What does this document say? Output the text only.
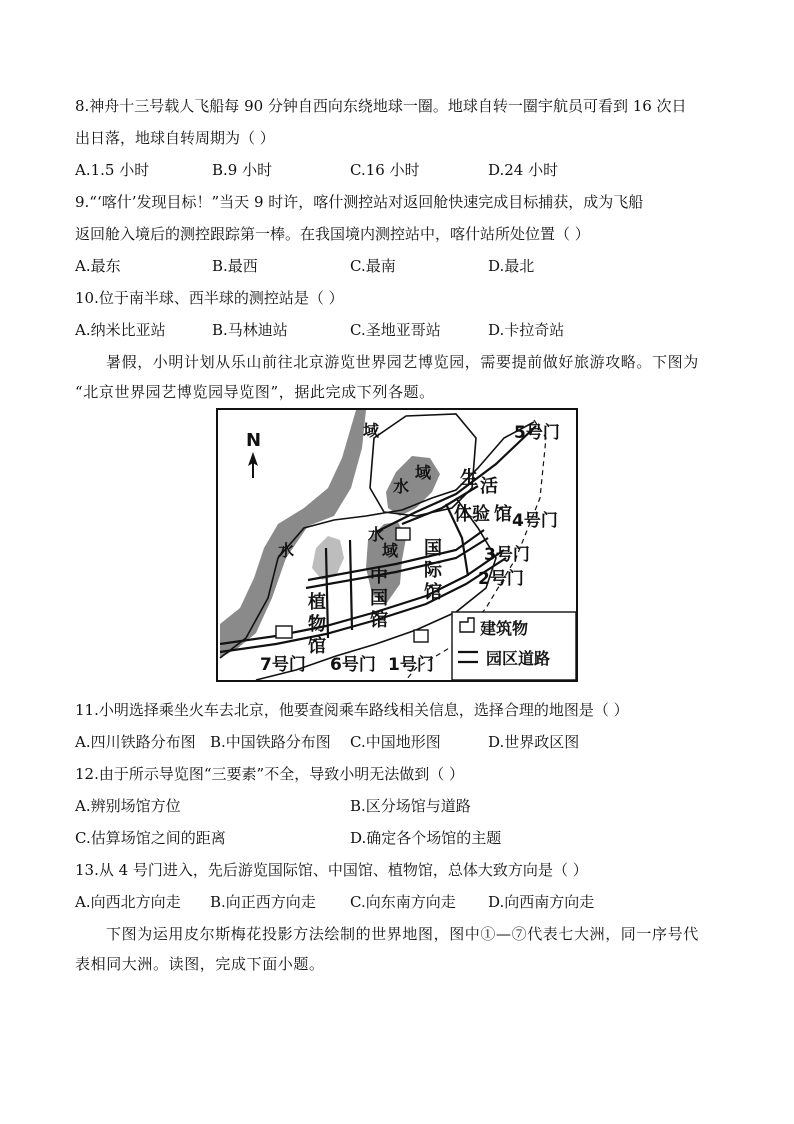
8.神舟十三号载人飞船每 90 分钟自西向东绕地球一圈。地球自转一圈宇航员可看到 16 次日
出日落，地球自转周期为（ ）
A.1.5 小时	B.9 小时	C.16 小时	D.24 小时
9.“‘喀什’发现目标！”当天 9 时许，喀什测控站对返回舱快速完成目标捕获，成为飞船
返回舱入境后的测控跟踪第一棒。在我国境内测控站中，喀什站所处位置（ ）
A.最东	B.最西	C.最南	D.最北
10.位于南半球、西半球的测控站是（ ）
A.纳米比亚站	B.马林迪站	C.圣地亚哥站	D.卡拉奇站
暑假，小明计划从乐山前往北京游览世界园艺博览园，需要提前做好旅游攻略。下图为
“北京世界园艺博览园导览图”，据此完成下列各题。
N	域
水
域
水
水
域
生 活
体验 馆
国
际
馆
中
国
馆
植
物
馆
5号门
4号门
3号门
2号门
7号门 6号门 1号门
建筑物
园区道路
11.小明选择乘坐火车去北京，他要查阅乘车路线相关信息，选择合理的地图是（ ）
A.四川铁路分布图 B.中国铁路分布图 C.中国地形图	D.世界政区图
12.由于所示导览图“三要素”不全，导致小明无法做到（ ）
A.辨别场馆方位	B.区分场馆与道路
C.估算场馆之间的距离	D.确定各个场馆的主题
13.从 4 号门进入，先后游览国际馆、中国馆、植物馆，总体大致方向是（ ）
A.向西北方向走 B.向正西方向走 C.向东南方向走 D.向西南方向走
下图为运用皮尔斯梅花投影方法绘制的世界地图，图中①—⑦代表七大洲，同一序号代
表相同大洲。读图，完成下面小题。
